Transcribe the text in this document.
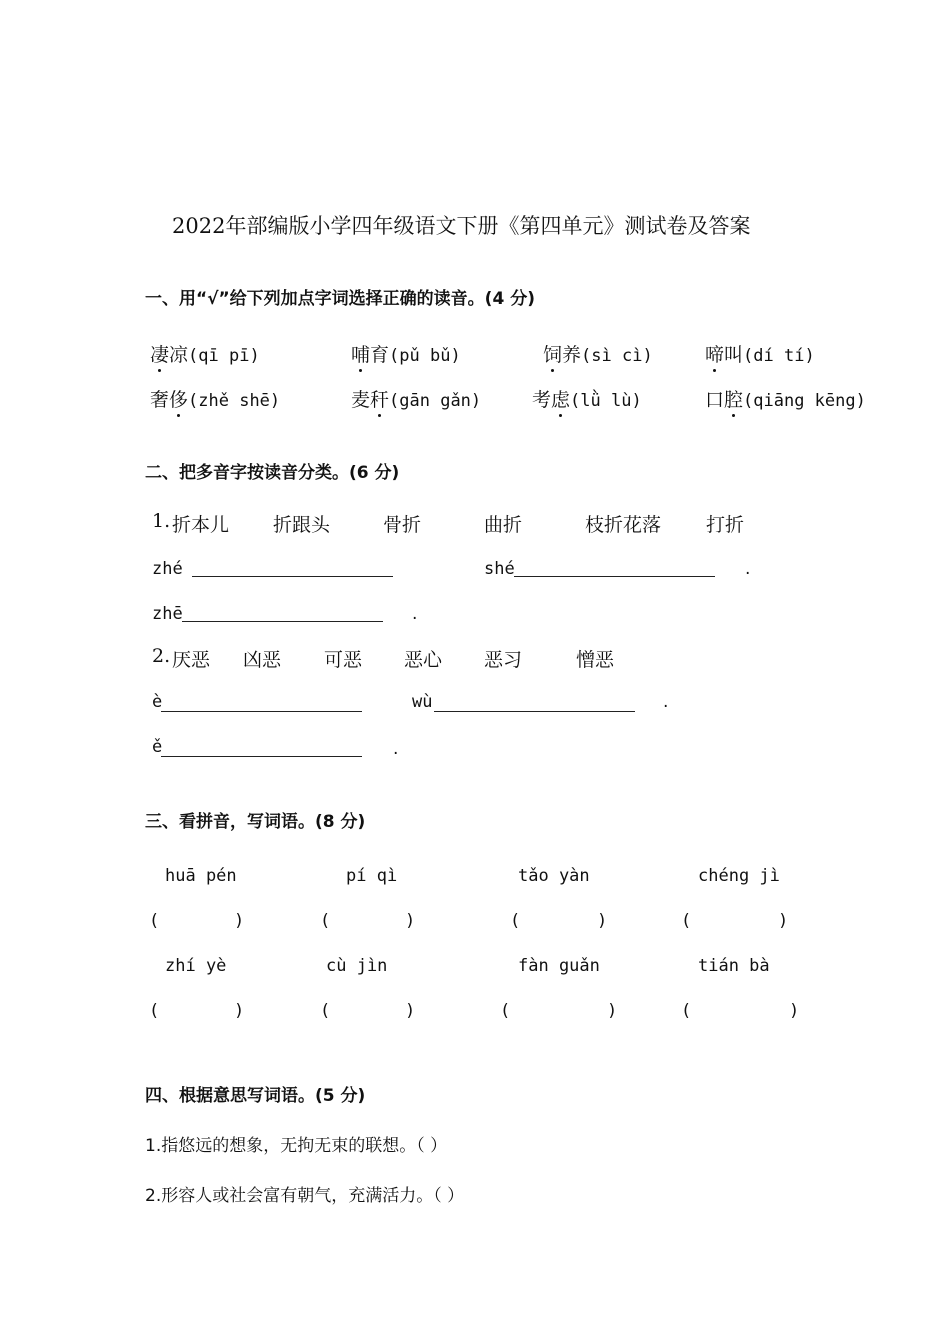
2022年部编版小学四年级语文下册《第四单元》测试卷及答案
一、用“√”给下列加点字词选择正确的读音。(4 分)
凄凉(qī pī)	哺育(pǔ bǔ)	饲养(sì cì)	啼叫(dí tí)
奢侈(zhě shē)	麦秆(gān gǎn)	考虑(lǜ lù)	口腔(qiāng kēng)
二、把多音字按读音分类。(6 分)
1. 折本儿 折跟头	骨折	曲折	枝折花落 打折
zhé	shé	.
zhē	.
2. 厌恶 凶恶 可恶 恶心 恶习	憎恶
è	wù	.
ě	.
三、看拼音，写词语。(8 分)
huā pén	pí qì	tǎo yàn	chéng jì
(	)	(	)	(	)	(	)
zhí yè	cù jìn	fàn guǎn	tián bà
(	)	(	)	(	)	(	)
四、根据意思写词语。(5 分)
1.指悠远的想象，无拘无束的联想。（ ）
2.形容人或社会富有朝气，充满活力。（ ）
